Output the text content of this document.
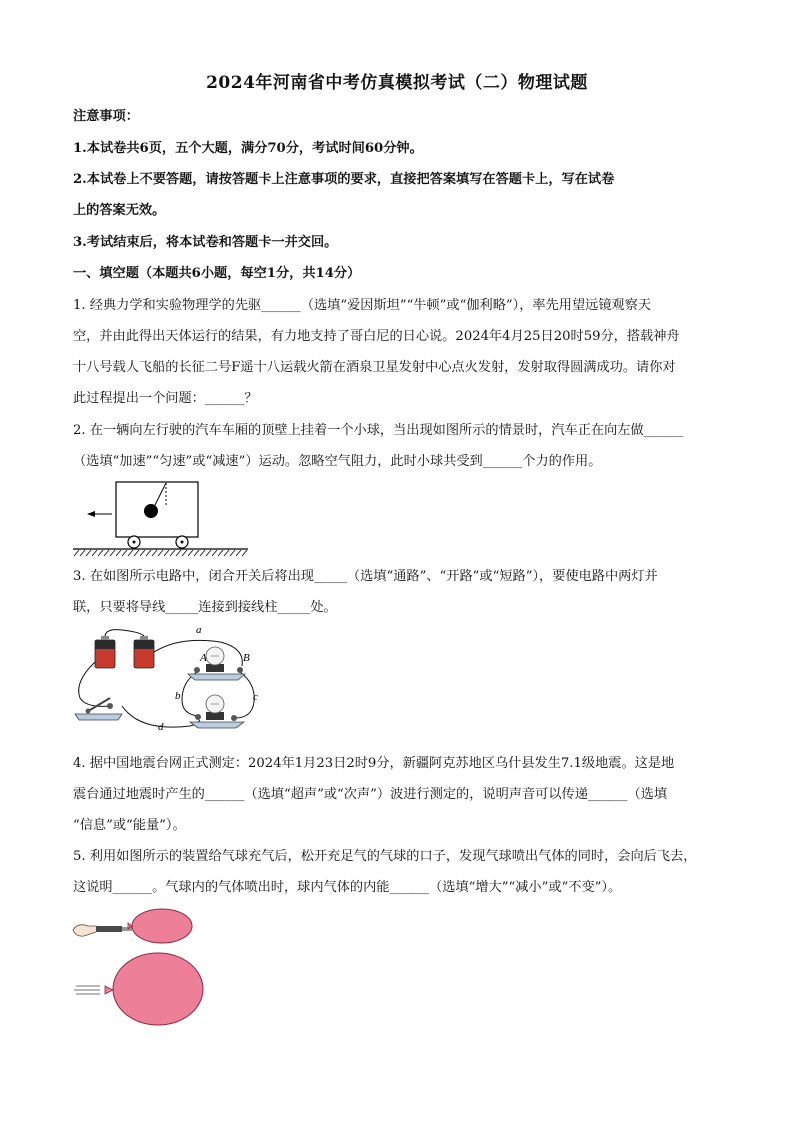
2024年河南省中考仿真模拟考试（二）物理试题
注意事项：
1.本试卷共6页，五个大题，满分70分，考试时间60分钟。
2.本试卷上不要答题，请按答题卡上注意事项的要求，直接把答案填写在答题卡上，写在试卷
上的答案无效。
3.考试结束后，将本试卷和答题卡一并交回。
一、填空题（本题共6小题，每空1分，共14分）
1. 经典力学和实验物理学的先驱______（选填“爱因斯坦”“牛顿”或“伽利略”），率先用望远镜观察天
空，并由此得出天体运行的结果，有力地支持了哥白尼的日心说。2024年4月25日20时59分，搭载神舟
十八号载人飞船的长征二号F遥十八运载火箭在酒泉卫星发射中心点火发射，发射取得圆满成功。请你对
此过程提出一个问题：______？
2. 在一辆向左行驶的汽车车厢的顶壁上挂着一个小球，当出现如图所示的情景时，汽车正在向左做______
（选填“加速”“匀速”或“减速”）运动。忽略空气阻力，此时小球共受到______个力的作用。
3. 在如图所示电路中，闭合开关后将出现_____（选填“通路”、“开路”或“短路”），要使电路中两灯并
联，只要将导线_____连接到接线柱_____处。
a
A	B
b	c
d
4. 据中国地震台网正式测定：2024年1月23日2时9分，新疆阿克苏地区乌什县发生7.1级地震。这是地
震台通过地震时产生的______（选填“超声”或“次声”）波进行测定的，说明声音可以传递______（选填
“信息”或“能量”）。
5. 利用如图所示的装置给气球充气后，松开充足气的气球的口子，发现气球喷出气体的同时，会向后飞去，
这说明______。气球内的气体喷出时，球内气体的内能______（选填“增大”“减小”或“不变”）。
